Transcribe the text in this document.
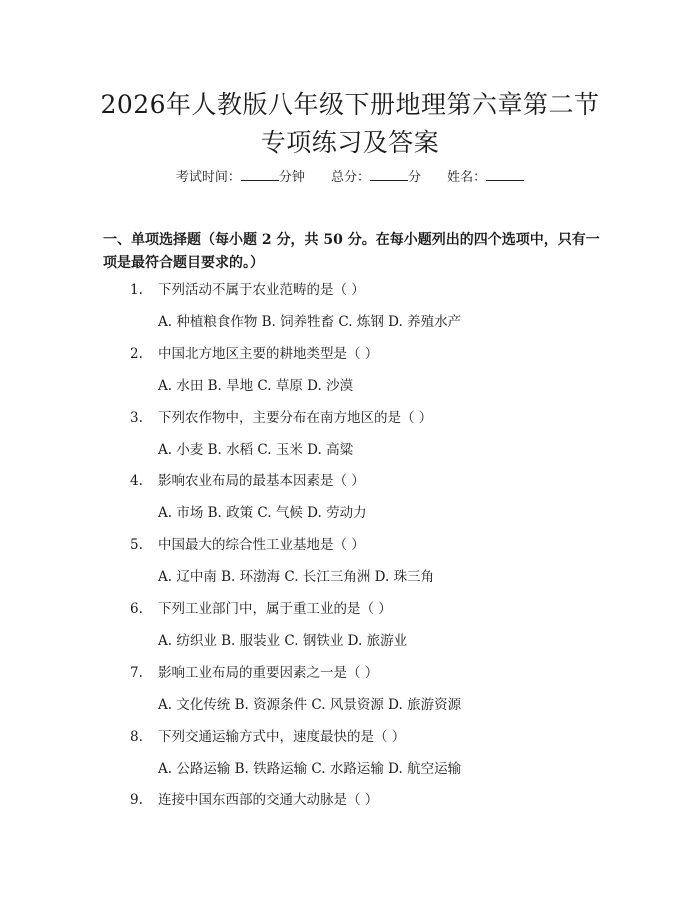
2026年人教版八年级下册地理第六章第二节
专项练习及答案
考试时间：	分钟 总分：	分 姓名：
一、单项选择题（每小题 2 分，共 50 分。在每小题列出的四个选项中，只有一项是最符合题目要求的。）
1. 下列活动不属于农业范畴的是（ ）
A. 种植粮食作物 B. 饲养牲畜 C. 炼钢 D. 养殖水产
2. 中国北方地区主要的耕地类型是（ ）
A. 水田 B. 旱地 C. 草原 D. 沙漠
3. 下列农作物中，主要分布在南方地区的是（ ）
A. 小麦 B. 水稻 C. 玉米 D. 高粱
4. 影响农业布局的最基本因素是（ ）
A. 市场 B. 政策 C. 气候 D. 劳动力
5. 中国最大的综合性工业基地是（ ）
A. 辽中南 B. 环渤海 C. 长江三角洲 D. 珠三角
6. 下列工业部门中，属于重工业的是（ ）
A. 纺织业 B. 服装业 C. 钢铁业 D. 旅游业
7. 影响工业布局的重要因素之一是（ ）
A. 文化传统 B. 资源条件 C. 风景资源 D. 旅游资源
8. 下列交通运输方式中，速度最快的是（ ）
A. 公路运输 B. 铁路运输 C. 水路运输 D. 航空运输
9. 连接中国东西部的交通大动脉是（ ）
